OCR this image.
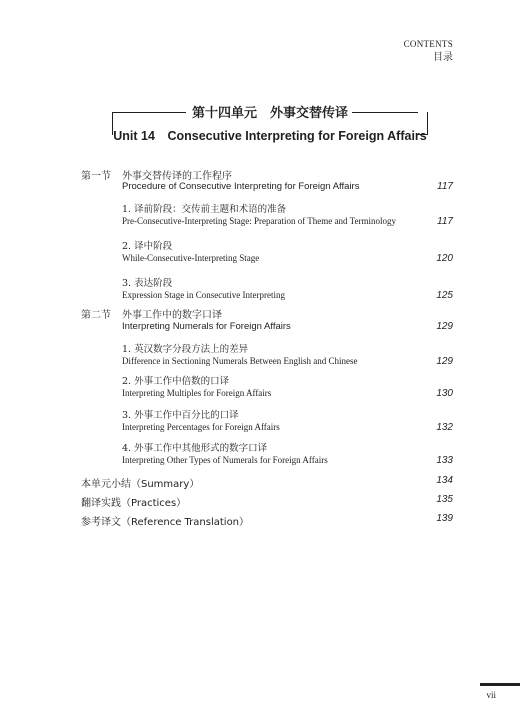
CONTENTS
目录
第十四单元　外事交替传译
Unit 14　Consecutive Interpreting for Foreign Affairs
第一节 外事交替传译的工作程序
Procedure of Consecutive Interpreting for Foreign Affairs	117
1. 译前阶段：交传前主题和术语的准备
Pre-Consecutive-Interpreting Stage: Preparation of Theme and Terminology	117
2. 译中阶段
While-Consecutive-Interpreting Stage	120
3. 表达阶段
Expression Stage in Consecutive Interpreting	125
第二节 外事工作中的数字口译
Interpreting Numerals for Foreign Affairs	129
1. 英汉数字分段方法上的差异
Difference in Sectioning Numerals Between English and Chinese	129
2. 外事工作中倍数的口译
Interpreting Multiples for Foreign Affairs	130
3. 外事工作中百分比的口译
Interpreting Percentages for Foreign Affairs	132
4. 外事工作中其他形式的数字口译
Interpreting Other Types of Numerals for Foreign Affairs	133
本单元小结（Summary）	134
翻译实践（Practices）	135
参考译文（Reference Translation）	139
vii
